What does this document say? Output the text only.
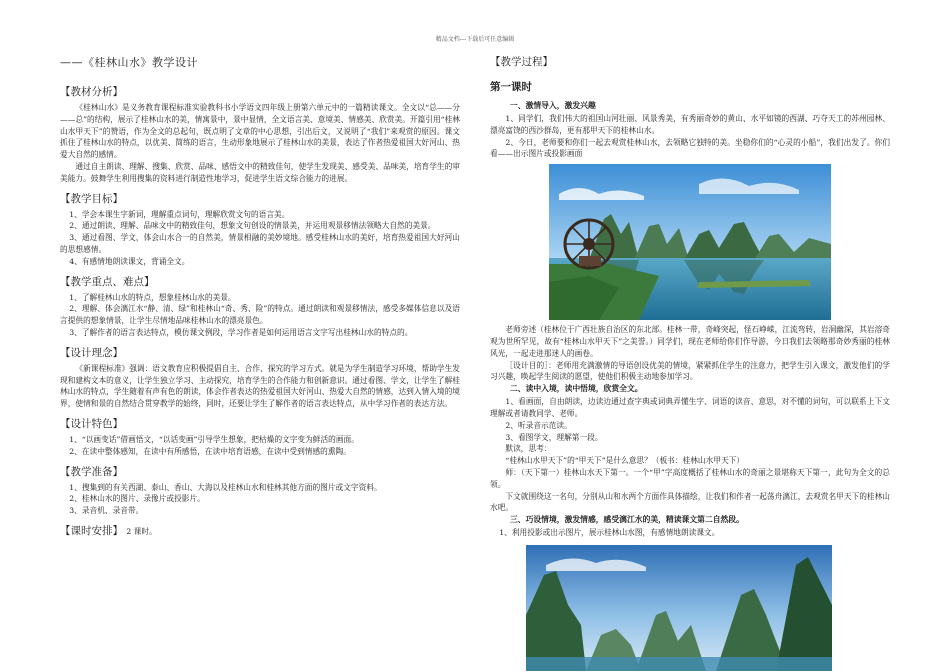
精品文档---下载后可任意编辑
——《桂林山水》教学设计
【教材分析】

《桂林山水》是义务教育课程标准实验教科书小学语文四年级上册第六单元中的一篇精读课文。全文以“总——分——总”的结构，展示了桂林山水的美，情寓景中，景中显情，全文语言美、意境美、情感美、欣赏美。开篇引用“桂林山水甲天下”的赞语，作为全文的总起句，既点明了文章的中心思想，引出后文，又说明了“我们”来观赏的原因。课文抓住了桂林山水的特点，以优美、简练的语言，生动形象地展示了桂林山水的美景，表达了作者热爱祖国大好河山、热爱大自然的感情。

通过自主朗读、理解、搜集、欣赏、品味、感悟文中的精致佳句，使学生发现美、感受美、品味美，培育学生的审美能力。鼓舞学生利用搜集的资料进行制造性地学习，促进学生语文综合能力的进展。

【教学目标】

1、学会本课生字新词，理解重点词句，理解欣赏文句的语言美。

2、通过朗读、理解、品味文中的精致佳句，想象文句创设的情景美，并运用观景移情法领略大自然的美景。

3、通过看图、学文，体会山水合一的自然美，情景相融的美妙境地。感受桂林山水的美好，培育热爱祖国大好河山的思想感情。

4、有感情地朗读课文，背诵全文。

【教学重点、难点】

1、了解桂林山水的特点，想象桂林山水的美景。

2、理解、体会漓江水“静、清、绿”和桂林山“奇、秀、险”的特点。通过朗读和观景移情法，感受多媒体信息以及语言提供的想象情景，让学生尽情地品味桂林山水的漂亮景色。

3、了解作者的语言表达特点，模仿课文例段，学习作者是如何运用语言文字写出桂林山水的特点的。

【设计理念】

《新课程标准》强调：语文教育应积极提倡自主、合作、探究的学习方式。就是为学生制造学习环境，帮助学生发现和建构文本的意义，让学生独立学习、主动探究，培育学生的合作能力和创新意识。通过看图、学文，让学生了解桂林山水的特点，学生随着有声有色的朗读，体会作者表达的热爱祖国大好河山、热爱大自然的情感，达到入情入境的境界，使情和景的自然结合贯穿教学的始终，同时，还要让学生了解作者的语言表达特点，从中学习作者的表达方法。

【设计特色】

1、“以画变话”借画悟文，“以话变画”引导学生想象，把枯燥的文字变为鲜活的画面。

2、在读中整体感知，在读中有所感悟，在读中培育语感，在读中受到情感的熏陶。

【教学准备】

1、搜集到的有关西湖、泰山、香山、大海以及桂林山水和桂林其他方面的图片或文字资料。

2、桂林山水的图片、录像片或投影片。

3、录音机、录音带。

【课时安排】 2 课时。
【教学过程】
第一课时
一、激情导入，激发兴趣

1、同学们，我们伟大的祖国山河壮丽、风景秀美，有秀丽奇妙的黄山、水平如镜的西湖、巧夺天工的苏州园林、漂亮富饶的西沙群岛，更有那甲天下的桂林山水。

2、今日，老师要和你们一起去观赏桂林山水，去领略它独特的美。坐稳你们的“心灵的小船”，我们出发了。你们看——出示图片或投影画面

老师旁述（桂林位于广西壮族自治区的东北部。桂林一带，奇峰突起，怪石峥嵘，江流弯转，岩洞幽深，其岩溶奇观为世所罕见，故有“桂林山水甲天下”之美誉。）同学们，现在老师给你们作导游，今日我们去领略那奇妙秀丽的桂林风光，一起走进那迷人的画卷。

［设计目的］：老师用充满激情的导语创设优美的情境，紧紧抓住学生的注意力，把学生引入课文，激发他们的学习兴趣，唤起学生阅读的愿望，使他们积极主动地参加学习。

二、读中入境，读中悟境，欣赏全文。

1、看画面，自由朗读，边读边通过查字典或词典弄懂生字、词语的读音、意思，对不懂的词句，可以联系上下文理解或者请教同学、老师。

2、听录音示范读。

3、看图学文，理解第一段。

默读，思考：

“桂林山水甲天下”的“甲天下”是什么意思？（板书：桂林山水甲天下）

师：（天下第一）桂林山水天下第一。一个“甲”字高度概括了桂林山水的奇丽之景堪称天下第一，此句为全文的总领。

下文就围绕这一名句，分别从山和水两个方面作具体描绘，让我们和作者一起荡舟漓江，去观赏名甲天下的桂林山水吧。

三、巧设情境，激发情感，感受漓江水的美，精读课文第二自然段。

1、利用投影或出示图片，展示桂林山水图，有感情地朗读课文。
